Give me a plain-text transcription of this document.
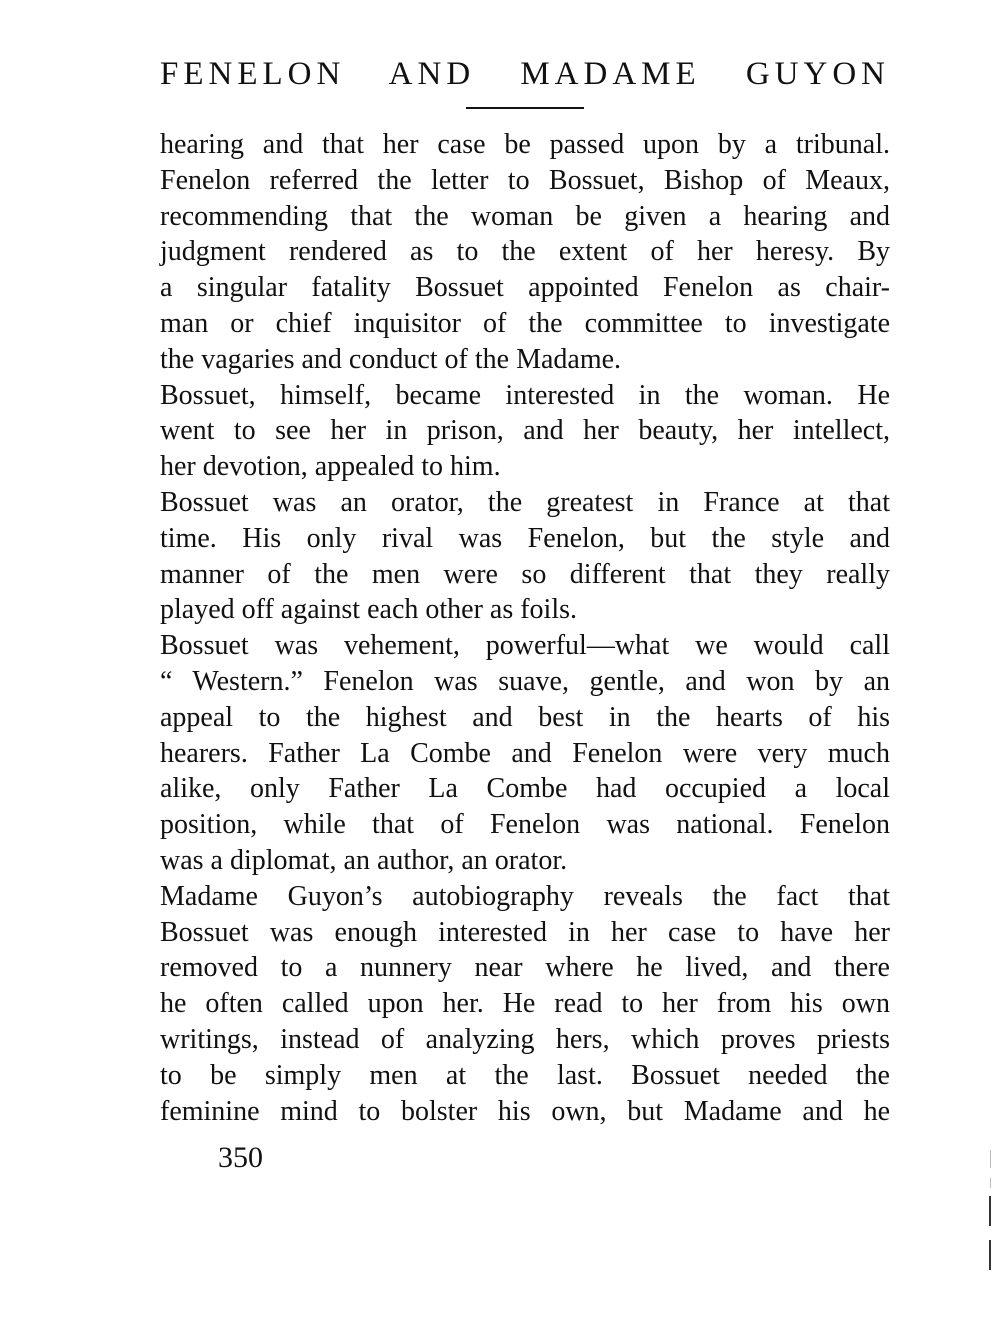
FENELON AND MADAME GUYON
hearing and that her case be passed upon by a tribunal.
Fenelon referred the letter to Bossuet, Bishop of Meaux,
recommending that the woman be given a hearing and
judgment rendered as to the extent of her heresy. By
a singular fatality Bossuet appointed Fenelon as chair-
man or chief inquisitor of the committee to investigate
the vagaries and conduct of the Madame.
Bossuet, himself, became interested in the woman. He
went to see her in prison, and her beauty, her intellect,
her devotion, appealed to him.
Bossuet was an orator, the greatest in France at that
time. His only rival was Fenelon, but the style and
manner of the men were so different that they really
played off against each other as foils.
Bossuet was vehement, powerful—what we would call
“ Western.” Fenelon was suave, gentle, and won by an
appeal to the highest and best in the hearts of his
hearers. Father La Combe and Fenelon were very much
alike, only Father La Combe had occupied a local
position, while that of Fenelon was national. Fenelon
was a diplomat, an author, an orator.
Madame Guyon’s autobiography reveals the fact that
Bossuet was enough interested in her case to have her
removed to a nunnery near where he lived, and there
he often called upon her. He read to her from his own
writings, instead of analyzing hers, which proves priests
to be simply men at the last. Bossuet needed the
feminine mind to bolster his own, but Madame and he
350
